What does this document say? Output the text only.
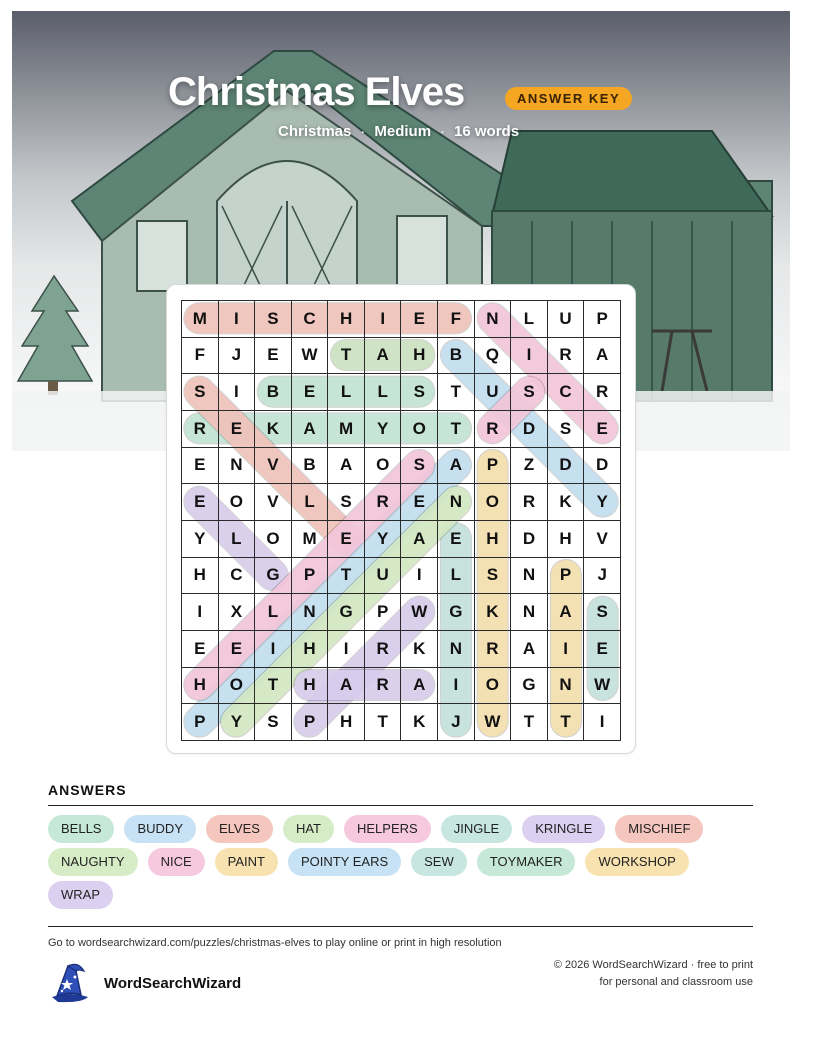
Christmas Elves	ANSWER KEY
Christmas · Medium · 16 words
M	I	S	C	H	I	E	F	N	L	U	P
F	J	E	W	T	A	H	B	Q	I	R	A
S	I	B	E	L	L	S	T	U	S	C	R
R	E	K	A	M	Y	O	T	R	D	S	E
E	N	V	B	A	O	S	A	P	Z	D	D
E	O	V	L	S	R	E	N	O	R	K	Y
Y	L	O	M	E	Y	A	E	H	D	H	V
H	C	G	P	T	U	I	L	S	N	P	J
I	X	L	N	G	P	W	G	K	N	A	S
E	E	I	H	I	R	K	N	R	A	I	E
H	O	T	H	A	R	A	I	O	G	N	W
P	Y	S	P	H	T	K	J	W	T	T	I
ANSWERS
BELLS	BUDDY	ELVES	HAT	HELPERS	JINGLE	KRINGLE	MISCHIEF
NAUGHTY	NICE	PAINT	POINTY EARS	SEW	TOYMAKER	WORKSHOP
WRAP
Go to wordsearchwizard.com/puzzles/christmas-elves to play online or print in high resolution
WordSearchWizard
© 2026 WordSearchWizard · free to print for personal and classroom use
